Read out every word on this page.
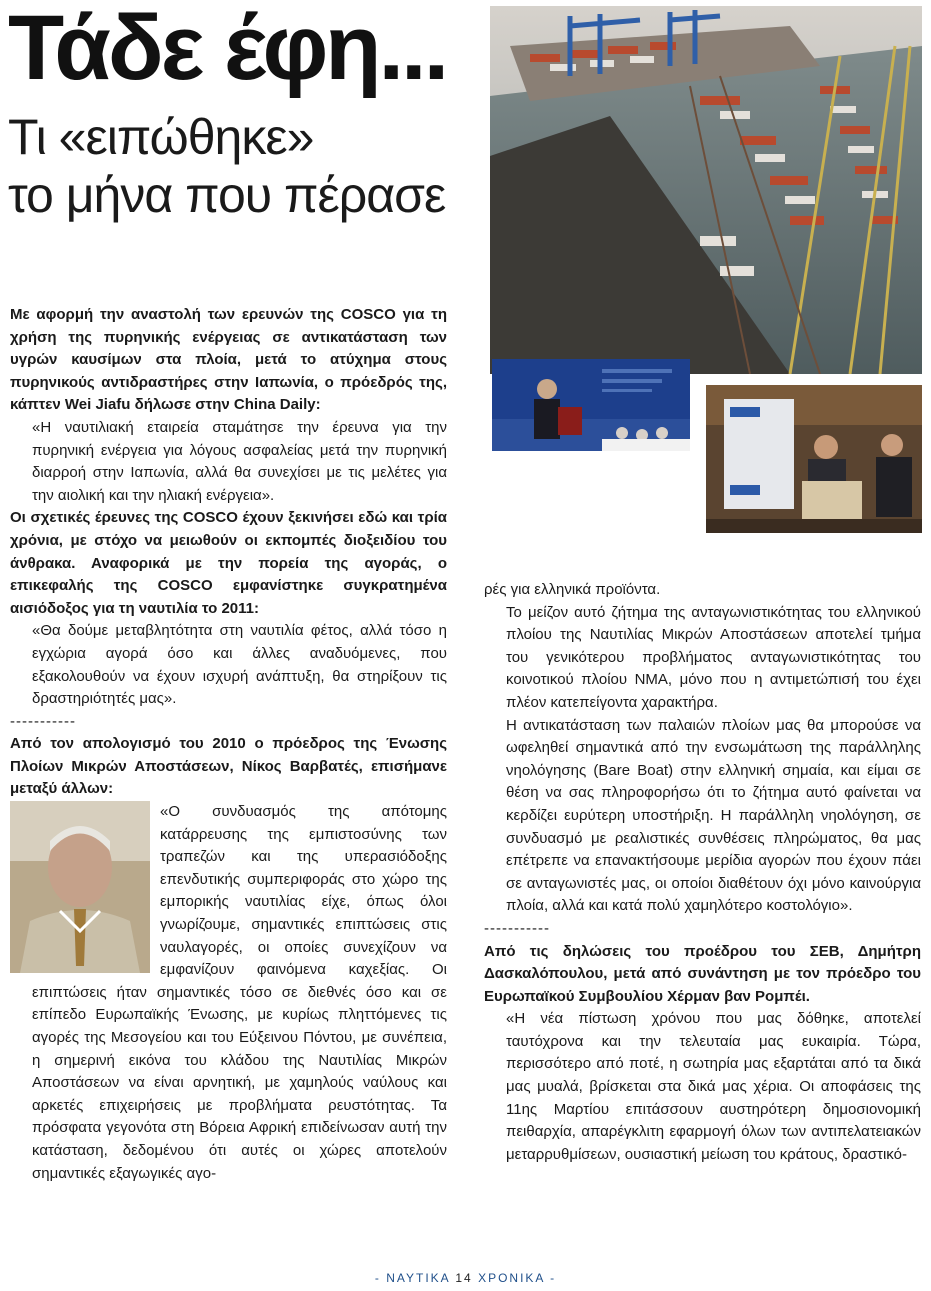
Τάδε έφη...
Τι «ειπώθηκε»
το μήνα που πέρασε

Με αφορμή την αναστολή των ερευνών της COSCO για τη χρήση της πυρηνικής ενέργειας σε αντικατάσταση των υγρών καυσίμων στα πλοία, μετά το ατύχημα στους πυρηνικούς αντιδραστήρες στην Ιαπωνία, ο πρόεδρός της, κάπτεν Wei Jiafu δήλωσε στην China Daily:

«Η ναυτιλιακή εταιρεία σταμάτησε την έρευνα για την πυρηνική ενέργεια για λόγους ασφαλείας μετά την πυρηνική διαρροή στην Ιαπωνία, αλλά θα συνεχίσει με τις μελέτες για την αιολική και την ηλιακή ενέργεια».

Οι σχετικές έρευνες της COSCO έχουν ξεκινήσει εδώ και τρία χρόνια, με στόχο να μειωθούν οι εκπομπές διοξειδίου του άνθρακα. Αναφορικά με την πορεία της αγοράς, ο επικεφαλής της COSCO εμφανίστηκε συγκρατημένα αισιόδοξος για τη ναυτιλία το 2011:

«Θα δούμε μεταβλητότητα στη ναυτιλία φέτος, αλλά τόσο η εγχώρια αγορά όσο και άλλες αναδυόμενες, που εξακολουθούν να έχουν ισχυρή ανάπτυξη, θα στηρίξουν τις δραστηριότητές μας».

-----------

Από τον απολογισμό του 2010 ο πρόεδρος της Ένωσης Πλοίων Μικρών Αποστάσεων, Νίκος Βαρβατές, επισήμανε μεταξύ άλλων:

«Ο συνδυασμός της απότομης κατάρρευσης της εμπιστοσύνης των τραπεζών και της υπερασιόδοξης επενδυτικής συμπεριφοράς στο χώρο της εμπορικής ναυτιλίας είχε, όπως όλοι γνωρίζουμε, σημαντικές επιπτώσεις στις ναυλαγορές, οι οποίες συνεχίζουν να εμφανίζουν φαινόμενα καχεξίας. Οι επιπτώσεις ήταν σημαντικές τόσο σε διεθνές όσο και σε επίπεδο Ευρωπαϊκής Ένωσης, με κυρίως πληττόμενες τις αγορές της Μεσογείου και του Εύξεινου Πόντου, με συνέπεια, η σημερινή εικόνα του κλάδου της Ναυτιλίας Μικρών Αποστάσεων να είναι αρνητική, με χαμηλούς ναύλους και αρκετές επιχειρήσεις με προβλήματα ρευστότητας. Τα πρόσφατα γεγονότα στη Βόρεια Αφρική επιδείνωσαν αυτή την κατάσταση, δεδομένου ότι αυτές οι χώρες αποτελούν σημαντικές εξαγωγικές αγο-

ρές για ελληνικά προϊόντα.

Το μείζον αυτό ζήτημα της ανταγωνιστικότητας του ελληνικού πλοίου της Ναυτιλίας Μικρών Αποστάσεων αποτελεί τμήμα του γενικότερου προβλήματος ανταγωνιστικότητας του κοινοτικού πλοίου ΝΜΑ, μόνο που η αντιμετώπισή του έχει πλέον κατεπείγοντα χαρακτήρα.

Η αντικατάσταση των παλαιών πλοίων μας θα μπορούσε να ωφεληθεί σημαντικά από την ενσωμάτωση της παράλληλης νηολόγησης (Bare Boat) στην ελληνική σημαία, και είμαι σε θέση να σας πληροφορήσω ότι το ζήτημα αυτό φαίνεται να κερδίζει ευρύτερη υποστήριξη. Η παράλληλη νηολόγηση, σε συνδυασμό με ρεαλιστικές συνθέσεις πληρώματος, θα μας επέτρεπε να επανακτήσουμε μερίδια αγορών που έχουν πάει σε ανταγωνιστές μας, οι οποίοι διαθέτουν όχι μόνο καινούργια πλοία, αλλά και κατά πολύ χαμηλότερο κοστολόγιο».

-----------

Από τις δηλώσεις του προέδρου του ΣΕΒ, Δημήτρη Δασκαλόπουλου, μετά από συνάντηση με τον πρόεδρο του Ευρωπαϊκού Συμβουλίου Χέρμαν βαν Ρομπέι.

«Η νέα πίστωση χρόνου που μας δόθηκε, αποτελεί ταυτόχρονα και την τελευταία μας ευκαιρία. Τώρα, περισσότερο από ποτέ, η σωτηρία μας εξαρτάται από τα δικά μας μυαλά, βρίσκεται στα δικά μας χέρια. Οι αποφάσεις της 11ης Μαρτίου επιτάσσουν αυστηρότερη δημοσιονομική πειθαρχία, απαρέγκλιτη εφαρμογή όλων των αντιπελατειακών μεταρρυθμίσεων, ουσιαστική μείωση του κράτους, δραστικό-

- ΝΑΥΤΙΚΑ 14 ΧΡΟΝΙΚΑ -
